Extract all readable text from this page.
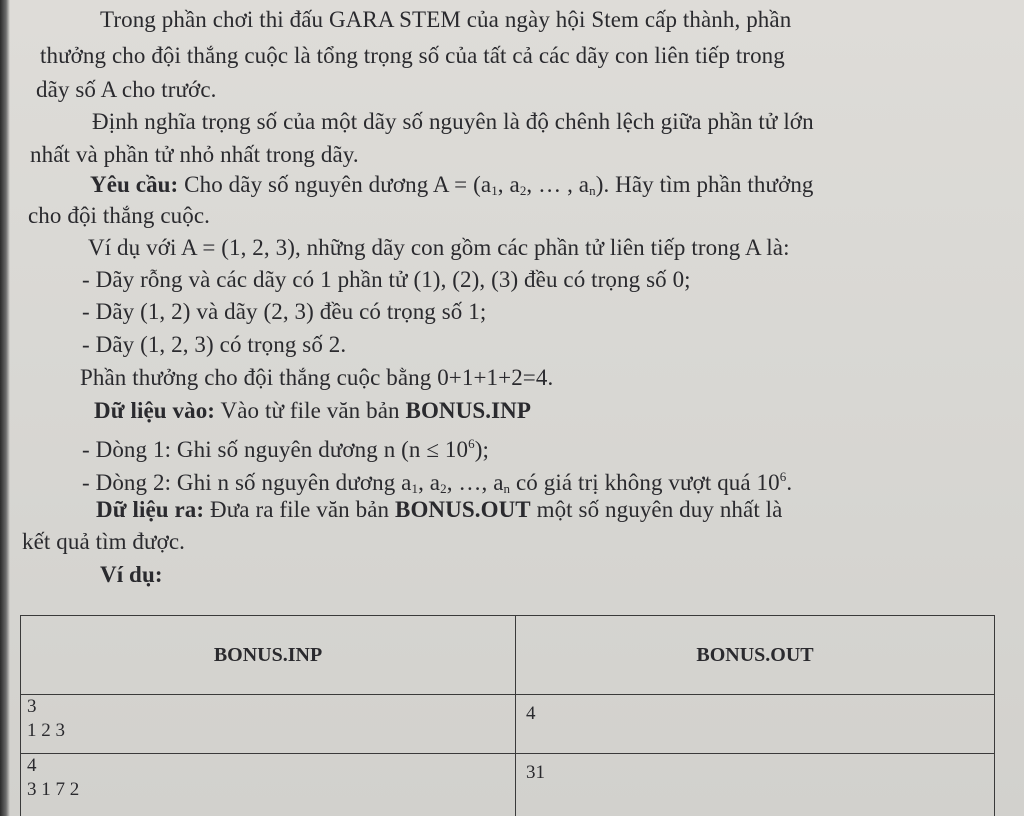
Trong phần chơi thi đấu GARA STEM của ngày hội Stem cấp thành, phần
thưởng cho đội thắng cuộc là tổng trọng số của tất cả các dãy con liên tiếp trong
dãy số A cho trước.
Định nghĩa trọng số của một dãy số nguyên là độ chênh lệch giữa phần tử lớn
nhất và phần tử nhỏ nhất trong dãy.
Yêu cầu: Cho dãy số nguyên dương $A = (a_1$, $a_2$, … , $a_n$). Hãy tìm phần thưởng
cho đội thắng cuộc.
Ví dụ với A = (1, 2, 3), những dãy con gồm các phần tử liên tiếp trong A là:
- Dãy rỗng và các dãy có 1 phần tử (1), (2), (3) đều có trọng số 0;
- Dãy (1, 2) và dãy (2, 3) đều có trọng số 1;
- Dãy (1, 2, 3) có trọng số 2.
Phần thưởng cho đội thắng cuộc bằng 0+1+1+2=4.
Dữ liệu vào: Vào từ file văn bản BONUS.INP
- Dòng 1: Ghi số nguyên dương n $(n \le 10^6)$;
- Dòng 2: Ghi n số nguyên dương $a_1$, $a_2$, …, $a_n$ có giá trị không vượt quá $10^6$.
Dữ liệu ra: Đưa ra file văn bản BONUS.OUT một số nguyên duy nhất là
kết quả tìm được.
Ví dụ:
BONUS.INP	BONUS.OUT

3
1 2 3	4

4
3 1 7 2	31
